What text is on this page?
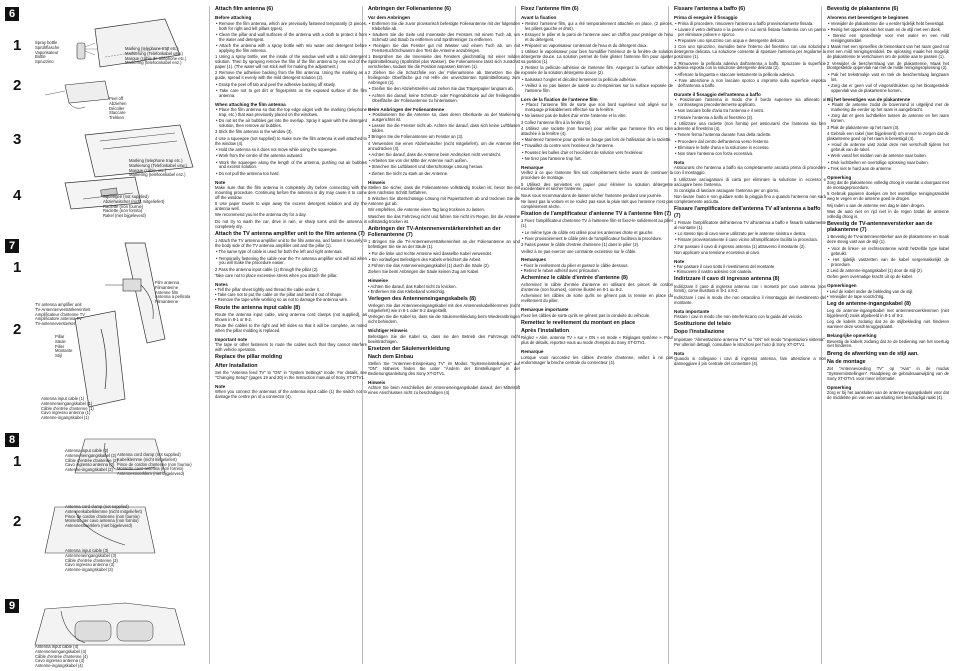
6
1
2
3
4
Spray bottle
Sprühflasche
Vaporisateur
Bottle
Spruzzino
Marking (telephone trap etc.)
Markierung (Telefonkabel usw.)
Marque (câble de téléphone etc.)
Markering (telefoonkabel enz.)
Peel off
Abziehen
Décoller
Staccare
Trekken
Marking (telephone trap etc.)
Markierung (Telefonkabel usw.)
Marque (câble, etc.)
Markering (telefoonkabel enz.)
Squeegee (not supplied)
Abziehwischer (nicht mitgeliefert)
Raclette (non fournie)
Raclette (non fornita)
Rakel (niet bijgeleverd)
7
1
2
TV antenna amplifier unit
TV-Antennenverstärkereinheit
Amplificateur d'antenne TV
Amplificatore antenna TV
TV-antenneversterker
Film antenna
Filmantenne
Antenne film
Antenna a pellicola
Filmantenne
Pillar
Säule
Pilier
Montante
Stijl
Antenna input cable (1)
Antenneneingangskabel (1)
Câble d'entrée d'antenne (1)
Cavo ingresso antenna (1)
Antenne-ingangskabel (1)
8
1
2
Antenna input cable (2)
Antenneneingangskabel (2)
Câble d'entrée d'antenne (2)
Cavo ingresso antenna (2)
Antenne-ingangskabel (2)
Antenna cord clamp (not supplied)
Kabelklemme (nicht mitgeliefert)
Pince de cordon d'antenne (non fournie)
Morsetto cavo antenna (non fornito)
Antennesnoerklem (niet bijgeleverd)
Antenna cord clamp (not supplied)
Antennenkabelklemme (nicht mitgeliefert)
Pince de cordon d'antenne (non fournie)
Morsetto per cavo antenna (non fornito)
Antennesnoerklem (niet bijgeleverd)
Antenna input cable (3)
Antenneneingangskabel (3)
Câble d'entrée d'antenne (3)
Cavo ingresso antenna (3)
Antenne-ingangskabel (3)
9
Antenna input cable (4)
Antenneneingangskabel (4)
Câble d'entrée d'antenne (4)
Cavo ingresso antenna (4)
Antenne-ingangskabel (4)
Attach film antenna (6)
Before attaching

• Remove the film antenna, which are previously fastened temporarily (2 pieces, both for right and left pillars types).

• Clean the pillar and wall surfaces of the antenna with a cloth to protect it from the water and detergent.

• Attach the antenna with a spray bottle with mix water and detergent before applying the film antenna.

1 Using a spray bottle, wet the inside of the window well with a mild detergent solution. Then by spraying remove the film of the film antenna by one end of the paper (1). (The water will not stick well for making the adjustment.)

2 Remove the adhesive backing from the film antenna. Using the marking as a guide, spread it evenly with the mild detergent solution (2).

• Grasp the peel off tab and peel the adhesive backing off slowly.

• Take care not to get dirt or fingerprints on the exposed surface of the film antenna.

When attaching the film antenna

• Place the film antenna so that the top edge aligns with the marking (telephone trap, etc.) that was previously placed on the windows.

• Do not let the air bubbles get into the overlap. Spray it again with the detergent solution, then remove air bubbles.

3 Stick the film antenna to the window (3).

4 Use a squeegee (not supplied) to make sure the film antenna is well attached to the window (4).

• Hold the antenna so it does not move while using the squeegee.

• Work from the centre of the antenna outward.

• Work the squeegee along the length of the antenna, pushing out air bubbles and excess solution.

• Do not pull the antenna too hard.

Note

Make sure that the film antenna is completely dry before connecting with the mounting procedure. Continuing before the antenna is dry may cause it to come off the window.

5 Use paper towels to wipe away the excess detergent solution and dry the antenna well.

We recommend you let the antenna dry for a day.

Do not try to wash the car, drive in rain, or sharp turns until the antenna is completely dry.

Attach the TV antenna amplifier unit to the film antenna (7)

1 Attach the TV antenna amplifier unit to the film antenna, and fasten it securely to the body side of the TV antenna amplifier unit and the pillar (1).

• The same type of cable is used for both the left and right antennas.

• Temporarily fastening the cable near the TV antenna amplifier unit will aid when you will make the procedure easier.

2 Pass the antenna input cable (1) through the pillar (2).

Take care not to place excessive stress when you attach the pillar.

Notes

• Tell the pillar sheet tightly and thread the cable under it.
• Take care not to put the cable on the pillar and bend it out of shape.
• Remove the tape while working so as not to damage the antenna wire.

Route the antenna input cable (8)

Route the antenna input cable, using antenna cord clamps (not supplied), as shown in 8-1 or 8-2.

Route the cables to the right and left sides so that it will be complete, as noted when the pillar molding is replaced.

Important note

The tape or other fasteners to route the cables such that they cannot interfere with vehicle operation.

Replace the pillar molding
After Installation

Set the "Antenna feed TV" to "ON" in "System Settings" mode. For details, see "Changing Setup" (pages 19 and 30) in the Instruction manual of Sony XT-DTV1.

Note

When you connect the antennas of the antenna input cable (1) the switch not to damage the centre pin of a connector (4).

Anbringen der Folienantenne (6)
Vor dem Anbringen

• Entfernen Sie die zuvor provisorisch befestigte Folienantenne mit der folgenden Klebefolie ab.

• Säubern Sie die Seite und Innenseite des Fensters mit einem Tuch ab, um Schmutz und Staub zu entfernen und Sprühreiniger zu entfernen.

• Reinigen Sie das Fenster gut mit Wasser und einem Tuch ab, um mit Fenstertuch/Schwamm den Test die Antenne anzubringen.

1 Besprühen Sie die Innenseite des Fensters gleichmäßig mit einer milden Spülmittellösung (Spülmittel plus Wasser). Die Folienantenne lässt sich zunächst verschieben, sodass Sie die Position anpassen können (1).

2 Ziehen Sie die Schutzfolie von der Folienantenne ab. Benetzen Sie die freiliegende Oberfläche gut mit Hilfe der unverdünnten Spülmittellösung zum Anbringen (2).

• Greifen Sie den Abziehstreifen und ziehen Sie das Trägerpapier langsam ab.

• Achten Sie darauf, keine Schmutz- oder Fingerabdrücke auf der freiliegenden Oberfläche der Folienantenne zu hinterlassen.

Beim Anbringen der Folienantenne

• Positionieren Sie die Antenne so, dass deren Oberkante an der Markierung ausgerichtet ist.

• Lassen Sie die Fenster nicht ab. Achten Sie darauf, dass sich keine Luftblasen bilden.

3 Bringen Sie die Folienantenne am Fenster an (3).

4 Verwenden Sie einen Abziehwischer (nicht mitgeliefert), um die Antenne fest anzudrücken (4).

• Achten Sie darauf, dass die Antenne beim Andrücken nicht verrutscht.

• Arbeiten Sie von der Mitte der Antenne nach außen.

• Streichen Sie Luftblasen und überschüssige Lösung heraus.

• Ziehen Sie nicht zu stark an der Antenne.

Hinweis

Stellen Sie sicher, dass die Folienantenne vollständig trocken ist, bevor Sie mit dem nächsten Schritt fortfahren.

5 Wischen Sie überschüssige Lösung mit Papiertüchern ab und trocknen Sie die Antenne gut ab.

Wir empfehlen, die Antenne einen Tag lang trocknen zu lassen.

Waschen Sie das Fahrzeug nicht und fahren Sie nicht im Regen, bis die Antenne vollständig trocken ist.

Anbringen der TV-Antennenverstärkereinheit an der Folienantenne (7)

1 Bringen Sie die TV-Antennenverstärkereinheit an der Folienantenne an und befestigen Sie sie an der Säule (1).

• Für die linke und rechte Antenne wird dasselbe Kabel verwendet.

• Ein vorläufiges Befestigen des Kabels erleichtert die Arbeit.

2 Führen Sie das Antenneneingangskabel (1) durch die Säule (2).

Ziehen Sie beim Anbringen der Säule keinen Zug am Kabel.

Hinweise

• Achten Sie darauf, das Kabel nicht zu knicken.
• Entfernen Sie das Klebeband vorsichtig.

Verlegen des Antenneneingangskabels (8)

Verlegen Sie das Antenneneingangskabel mit den Antennenkabelklemmen (nicht mitgeliefert) wie in 8-1 oder 8-2 dargestellt.

Verlegen Sie die Kabel so, dass sie die Säulenverkleidung beim Wiederanbringen nicht behindern.

Wichtiger Hinweis

Befestigen Sie die Kabel so, dass sie den Betrieb des Fahrzeugs nicht beeinträchtigen.

Ersetzen der Säulenverkleidung
Nach dem Einbau

Stellen Sie "Antennen-Einspeisung TV" im Modus "Systemeinstellungen" auf "ON". Näheres finden Sie unter "Ändern der Einstellungen" in der Bedienungsanleitung des Sony XT-DTV1.

Hinweis

Achten Sie beim Anschließen der Antenneneingangskabel darauf, den Mittelstift eines Anschlusses nicht zu beschädigen (4).

Fixez l'antenne film (6)
Avant la fixation

• Retirez l'antenne film, qui a été temporairement attachée en place, (2 pièces, les piliers gauche et droit).

• Essuyez le pilier et la paroi de l'antenne avec un chiffon pour protéger de l'eau et du détergent.

• Préparez un vaporisateur contenant de l'eau et du détergent doux.

1 Utilisez le vaporisateur pour bien humidifier l'intérieur de la fenêtre de solution détergente douce. La solution permet de faire glisser l'antenne film pour ajuster sa position (1).

2 Retirez la pellicule adhésive de l'antenne film. Aspergez la surface adhésive exposée de la solution détergente douce (2).

• Saisissez l'onglet et décollez lentement la pellicule adhésive.

• Veillez à ne pas laisser de saleté ou d'empreintes sur la surface exposée de l'antenne film.

Lors de la fixation de l'antenne film

• Placez l'antenne film de sorte que son bord supérieur soit aligné sur le marquage préalablement effectué sur la fenêtre.

• Ne laissez pas de bulles d'air entre l'antenne et la vitre.

3 Collez l'antenne film à la fenêtre (3).

4 Utilisez une raclette (non fournie) pour vérifier que l'antenne film est bien attachée à la fenêtre (4).

• Maintenez l'antenne pour qu'elle ne bouge pas lors de l'utilisation de la raclette.

• Travaillez du centre vers l'extérieur de l'antenne.

• Poussez les bulles d'air et l'excédent de solution vers l'extérieur.

• Ne tirez pas l'antenne trop fort.

Remarque

Veillez à ce que l'antenne film soit complètement sèche avant de continuer la procédure de montage.

5 Utilisez des serviettes en papier pour éliminer la solution détergente excédentaire et sécher l'antenne.

Nous vous recommandons de laisser sécher l'antenne pendant une journée.

Ne lavez pas la voiture et ne roulez pas sous la pluie tant que l'antenne n'est pas complètement sèche.

Fixation de l'amplificateur d'antenne TV à l'antenne film (7)

1 Fixez l'amplificateur d'antenne TV à l'antenne film et fixez-le solidement au pilier (1).

• Le même type de câble est utilisé pour les antennes droite et gauche.

• Fixer provisoirement le câble près de l'amplificateur facilitera la procédure.

2 Faites passer le câble d'entrée d'antenne (1) dans le pilier (2).

Veillez à ne pas exercer une contrainte excessive sur le câble.

Remarques

• Fixez le revêtement du pilier et passez le câble dessous.
• Retirez le ruban adhésif avec précaution.

Acheminez le câble d'entrée d'antenne (8)

Acheminez le câble d'entrée d'antenne en utilisant des pinces de cordon d'antenne (non fournies), comme illustré en 8-1 ou 8-2.

Acheminez les câbles de sorte qu'ils ne gênent pas la remise en place du revêtement du pilier.

Remarque importante

Fixez les câbles de sorte qu'ils ne gênent pas la conduite du véhicule.

Remettez le revêtement du montant en place
Après l'installation

Réglez « Alim. antenne TV » sur « ON » en mode « Réglages système ». Pour plus de détails, reportez-vous au mode d'emploi du Sony XT-DTV1.

Remarque

Lorsque vous raccordez les câbles d'entrée d'antenne, veillez à ne pas endommager la broche centrale du connecteur (4).

Fissare l'antenna a baffo (6)
Prima di eseguire il fissaggio

• Prima di procedere, rimuovere l'antenna a baffo provvisoriamente fissata.

• Lavare il vetro dell'auto e la parete in cui verrà fissata l'antenna con un panno per eliminare polvere e sporco.

• Preparare uno spruzzino con acqua e detergente delicato.

1 Con uno spruzzino, inumidire bene l'interno del finestrino con una soluzione detergente delicata. La soluzione consente di spostare l'antenna per regolarne la posizione (1).

2 Rimuovere la pellicola adesiva dall'antenna a baffo. Spruzzare la superficie adesiva esposta con la soluzione detergente delicata (2).

• Afferrare la linguetta e staccare lentamente la pellicola adesiva.

• Fare attenzione a non lasciare sporco o impronte sulla superficie esposta dell'antenna a baffo.

Durante il fissaggio dell'antenna a baffo

• Posizionare l'antenna in modo che il bordo superiore sia allineato al contrassegno precedentemente applicato.

• Non lasciare bolle d'aria tra l'antenna e il vetro.

3 Fissare l'antenna a baffo al finestrino (3).

4 Utilizzare una raclette (non fornita) per assicurarsi che l'antenna sia ben aderente al finestrino (4).

• Tenere ferma l'antenna durante l'uso della raclette.

• Procedere dal centro dell'antenna verso l'esterno.

• Eliminare le bolle d'aria e la soluzione in eccesso.

• Non tirare l'antenna con forza eccessiva.

Nota

Assicurarsi che l'antenna a baffo sia completamente asciutta prima di procedere con il montaggio.

5 Utilizzare asciugamani di carta per eliminare la soluzione in eccesso e asciugare bene l'antenna.

Si consiglia di lasciare asciugare l'antenna per un giorno.

Non lavare l'auto e non guidare sotto la pioggia fino a quando l'antenna non sarà completamente asciutta.

Fissare l'amplificatore dell'antenna TV all'antenna a baffo (7)

1 Fissare l'amplificatore dell'antenna TV all'antenna a baffo e fissarlo saldamente al montante (1).

• Lo stesso tipo di cavo viene utilizzato per le antenne sinistra e destra.

• Fissare provvisoriamente il cavo vicino all'amplificatore facilita la procedura.

2 Far passare il cavo di ingresso antenna (1) attraverso il montante (2).

Non applicare una tensione eccessiva al cavo.

Note

• Far passare il cavo sotto il rivestimento del montante.
• Rimuovere il nastro adesivo con cautela.

Indirizzare il cavo di ingresso antenna (8)

Indirizzare il cavo di ingresso antenna con i morsetti per cavo antenna (non forniti), come illustrato in 8-1 o 8-2.

Indirizzare i cavi in modo che non ostacolino il rimontaggio del rivestimento del montante.

Nota importante

Fissare i cavi in modo che non interferiscano con la guida del veicolo.

Sostituzione del telaio
Dopo l'installazione

Impostare "Alimentazione antenna TV" su "ON" nel modo "Impostazioni sistema". Per ulteriori dettagli, consultare le istruzioni per l'uso di Sony XT-DTV1.

Nota

Quando si collegano i cavi di ingresso antenna, fare attenzione a non danneggiare il pin centrale del connettore (4).

Bevestig de plakantenne (6)
Alvorens met bevestigen te beginnen

• Verwijder de plakantenne die u eerder tijdelijk hebt bevestigd.

• Reinig het oppervlak van het raam en de stijl met een doek.

• Bereid een sproeiflesje voor met water en een mild reinigingsmiddel.

1 Maak met een sproeifles de binnenkant van het raam goed nat met een mild reinigingsmiddel. De oplossing maakt het mogelijk de plakantenne te verschuiven om de positie aan te passen (1).

2 Verwijder de beschermlaag van de plakantenne. Maak het blootgestelde oppervlak nat met de milde reinigingsoplossing (2).

• Pak het trekstrookje vast en trek de beschermlaag langzaam los.

• Zorg dat er geen vuil of vingerafdrukken op het blootgestelde oppervlak van de plakantenne komen.

Bij het bevestigen van de plakantenne

• Plaats de antenne zodat de bovenrand is uitgelijnd met de markering die eerder op het raam is aangebracht.

• Zorg dat er geen luchtbellen tussen de antenne en het raam komen.

3 Plak de plakantenne op het raam (3).

4 Gebruik een rakel (niet bijgeleverd) om ervoor te zorgen dat de plakantenne goed op het raam is bevestigd (4).

• Houd de antenne vast zodat deze niet verschuift tijdens het gebruik van de rakel.

• Werk vanaf het midden van de antenne naar buiten.

• Druk luchtbellen en overtollige oplossing naar buiten.

• Trek niet te hard aan de antenne.

Opmerking

Zorg dat de plakantenne volledig droog is voordat u doorgaat met de montageprocedure.

5 Gebruik papieren doekjes om het overtollige reinigingsmiddel weg te vegen en de antenne goed te drogen.

Wij raden u aan de antenne een dag te laten drogen.

Was de auto niet en rijd niet in de regen totdat de antenne volledig droog is.

Bevestig de TV-antenneversterker aan de plakantenne (7)

1 Bevestig de TV-antenneversterker aan de plakantenne en maak deze stevig vast aan de stijl (1).

• Voor de linker- en rechterantenne wordt hetzelfde type kabel gebruikt.

• Het tijdelijk vastzetten van de kabel vergemakkelijkt de procedure.

2 Leid de antenne-ingangskabel (1) door de stijl (2).

Oefen geen overmatige kracht uit op de kabel.

Opmerkingen

• Leid de kabel onder de bekleding van de stijl.
• Verwijder de tape voorzichtig.

Leg de antenne-ingangskabel (8)

Leg de antenne-ingangskabel met antennesnoerklemmen (niet bijgeleverd) zoals afgebeeld in 8-1 of 8-2.

Leg de kabels zodanig dat ze de stijlbekleding niet hinderen wanneer deze wordt teruggeplaatst.

Belangrijke opmerking

Bevestig de kabels zodanig dat ze de bediening van het voertuig niet hinderen.

Breng de afwerking van de stijl aan.
Na de montage

Zet "Antennevoeding TV" op "Aan" in de modus "Systeeminstellingen". Raadpleeg de gebruiksaanwijzing van de Sony XT-DTV1 voor meer informatie.

Opmerking

Zorg er bij het aansluiten van de antenne-ingangskabels voor dat de middelste pin van een aansluiting niet beschadigd raakt (4).
